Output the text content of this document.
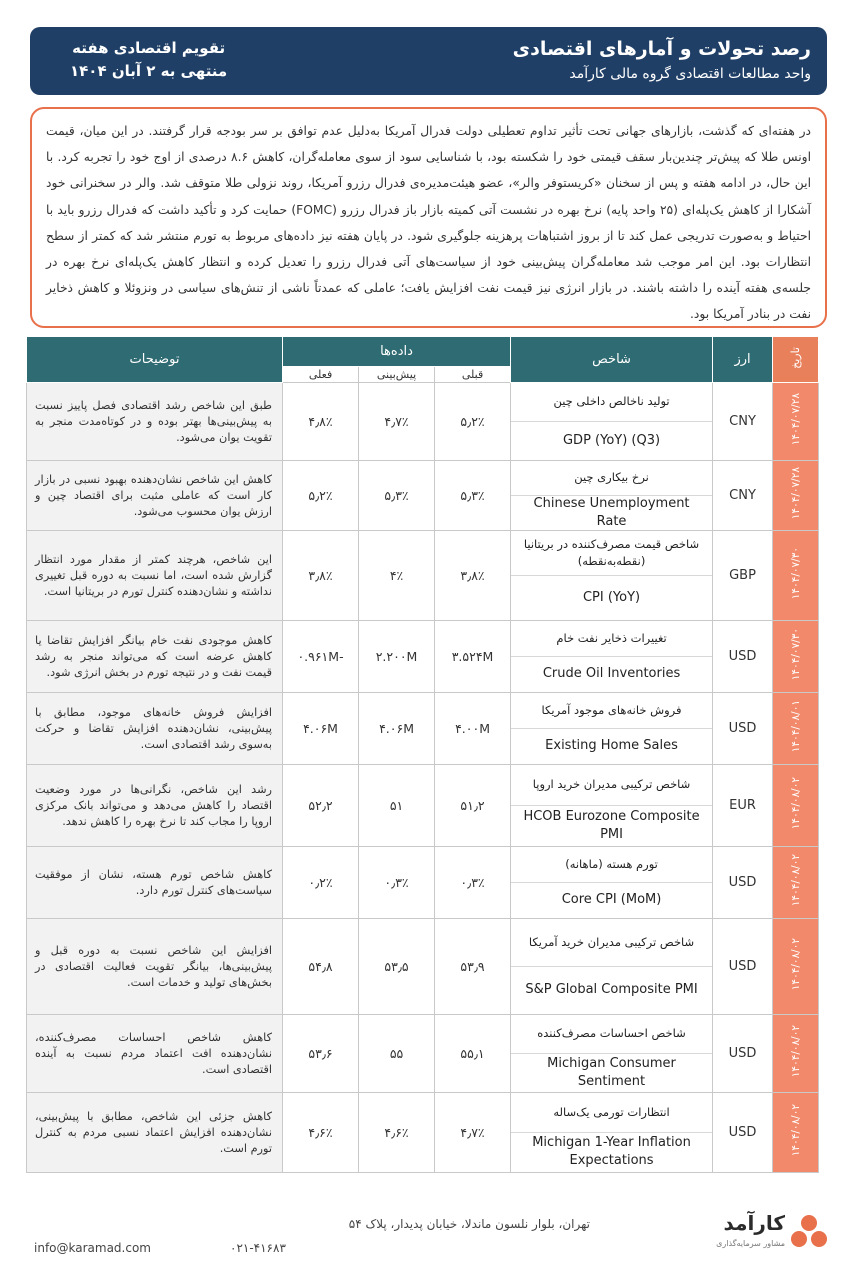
رصد تحولات و آمارهای اقتصادی
واحد مطالعات اقتصادی گروه مالی کارآمد
تقویم اقتصادی هفته
منتهی به ۲ آبان ۱۴۰۴
در هفته‌ای که گذشت، بازارهای جهانی تحت تأثیر تداوم تعطیلی دولت فدرال آمریکا به‌دلیل عدم توافق بر سر بودجه قرار گرفتند. در این میان، قیمت اونس طلا که پیش‌تر چندین‌بار سقف قیمتی خود را شکسته بود، با شناسایی سود از سوی معامله‌گران، کاهش ۸.۶ درصدی از اوج خود را تجربه کرد. با این حال، در ادامه هفته و پس از سخنان «کریستوفر والر»، عضو هیئت‌مدیره‌ی فدرال رزرو آمریکا، روند نزولی طلا متوقف شد. والر در سخنرانی خود آشکارا از کاهش یک‌پله‌ای (۲۵ واحد پایه) نرخ بهره در نشست آتی کمیته بازار باز فدرال رزرو (FOMC) حمایت کرد و تأکید داشت که فدرال رزرو باید با احتیاط و به‌صورت تدریجی عمل کند تا از بروز اشتباهات پرهزینه جلوگیری شود. در پایان هفته نیز داده‌های مربوط به تورم منتشر شد که کمتر از سطح انتظارات بود. این امر موجب شد معامله‌گران پیش‌بینی خود از سیاست‌های آتی فدرال رزرو را تعدیل کرده و انتظار کاهش یک‌پله‌ای نرخ بهره در جلسه‌ی هفته آینده را داشته باشند. در بازار انرژی نیز قیمت نفت افزایش یافت؛ عاملی که عمدتاً ناشی از تنش‌های سیاسی در ونزوئلا و کاهش ذخایر نفت در بنادر آمریکا بود.
تاریخ	ارز	شاخص	داده‌ها			توضیحات
			قبلی	پیش‌بینی	فعلی	
۱۴۰۴/۰۷/۲۸	CNY	تولید ناخالص داخلی چین
GDP (YoY) (Q3)	۵٫۲٪	۴٫۷٪	۴٫۸٪	طبق این شاخص رشد اقتصادی فصل پاییز نسبت به پیش‌بینی‌ها بهتر بوده و در کوتاه‌مدت منجر به تقویت یوان می‌شود.
۱۴۰۴/۰۷/۲۸	CNY	نرخ بیکاری چین
Chinese Unemployment Rate	۵٫۳٪	۵٫۳٪	۵٫۲٪	کاهش این شاخص نشان‌دهنده بهبود نسبی در بازار کار است که عاملی مثبت برای اقتصاد چین و ارزش یوان محسوب می‌شود.
۱۴۰۴/۰۷/۳۰	GBP	شاخص قیمت مصرف‌کننده در بریتانیا (نقطه‌به‌نقطه)
CPI (YoY)	۳٫۸٪	۴٪	۳٫۸٪	این شاخص، هرچند کمتر از مقدار مورد انتظار گزارش شده است، اما نسبت به دوره قبل تغییری نداشته و نشان‌دهنده کنترل تورم در بریتانیا است.
۱۴۰۴/۰۷/۳۰	USD	تغییرات ذخایر نفت خام
Crude Oil Inventories	۳.۵۲۴M	۲.۲۰۰M	-۰.۹۶۱M	کاهش موجودی نفت خام بیانگر افزایش تقاضا یا کاهش عرضه است که می‌تواند منجر به رشد قیمت نفت و در نتیجه تورم در بخش انرژی شود.
۱۴۰۴/۰۸/۰۱	USD	فروش خانه‌های موجود آمریکا
Existing Home Sales	۴.۰۰M	۴.۰۶M	۴.۰۶M	افزایش فروش خانه‌های موجود، مطابق با پیش‌بینی، نشان‌دهنده افزایش تقاضا و حرکت به‌سوی رشد اقتصادی است.
۱۴۰۴/۰۸/۰۲	EUR	شاخص ترکیبی مدیران خرید اروپا
HCOB Eurozone Composite PMI	۵۱٫۲	۵۱	۵۲٫۲	رشد این شاخص، نگرانی‌ها در مورد وضعیت اقتصاد را کاهش می‌دهد و می‌تواند بانک مرکزی اروپا را مجاب کند تا نرخ بهره را کاهش ندهد.
۱۴۰۴/۰۸/۰۲	USD	تورم هسته (ماهانه)
Core CPI (MoM)	۰٫۳٪	۰٫۳٪	۰٫۲٪	کاهش شاخص تورم هسته، نشان از موفقیت سیاست‌های کنترل تورم دارد.
۱۴۰۴/۰۸/۰۲	USD	شاخص ترکیبی مدیران خرید آمریکا
S&P Global Composite PMI	۵۳٫۹	۵۳٫۵	۵۴٫۸	افزایش این شاخص نسبت به دوره قبل و پیش‌بینی‌ها، بیانگر تقویت فعالیت اقتصادی در بخش‌های تولید و خدمات است.
۱۴۰۴/۰۸/۰۲	USD	شاخص احساسات مصرف‌کننده
Michigan Consumer Sentiment	۵۵٫۱	۵۵	۵۳٫۶	کاهش شاخص احساسات مصرف‌کننده، نشان‌دهنده افت اعتماد مردم نسبت به آینده اقتصادی است.
۱۴۰۴/۰۸/۰۲	USD	انتظارات تورمی یک‌ساله
Michigan 1-Year Inflation Expectations	۴٫۷٪	۴٫۶٪	۴٫۶٪	کاهش جزئی این شاخص، مطابق با پیش‌بینی، نشان‌دهنده افزایش اعتماد نسبی مردم به کنترل تورم است.
تهران، بلوار نلسون ماندلا، خیابان پدیدار، پلاک ۵۴
۰۲۱-۴۱۶۸۳
info@karamad.com
کارآمد
مشاور سرمایه‌گذاری
